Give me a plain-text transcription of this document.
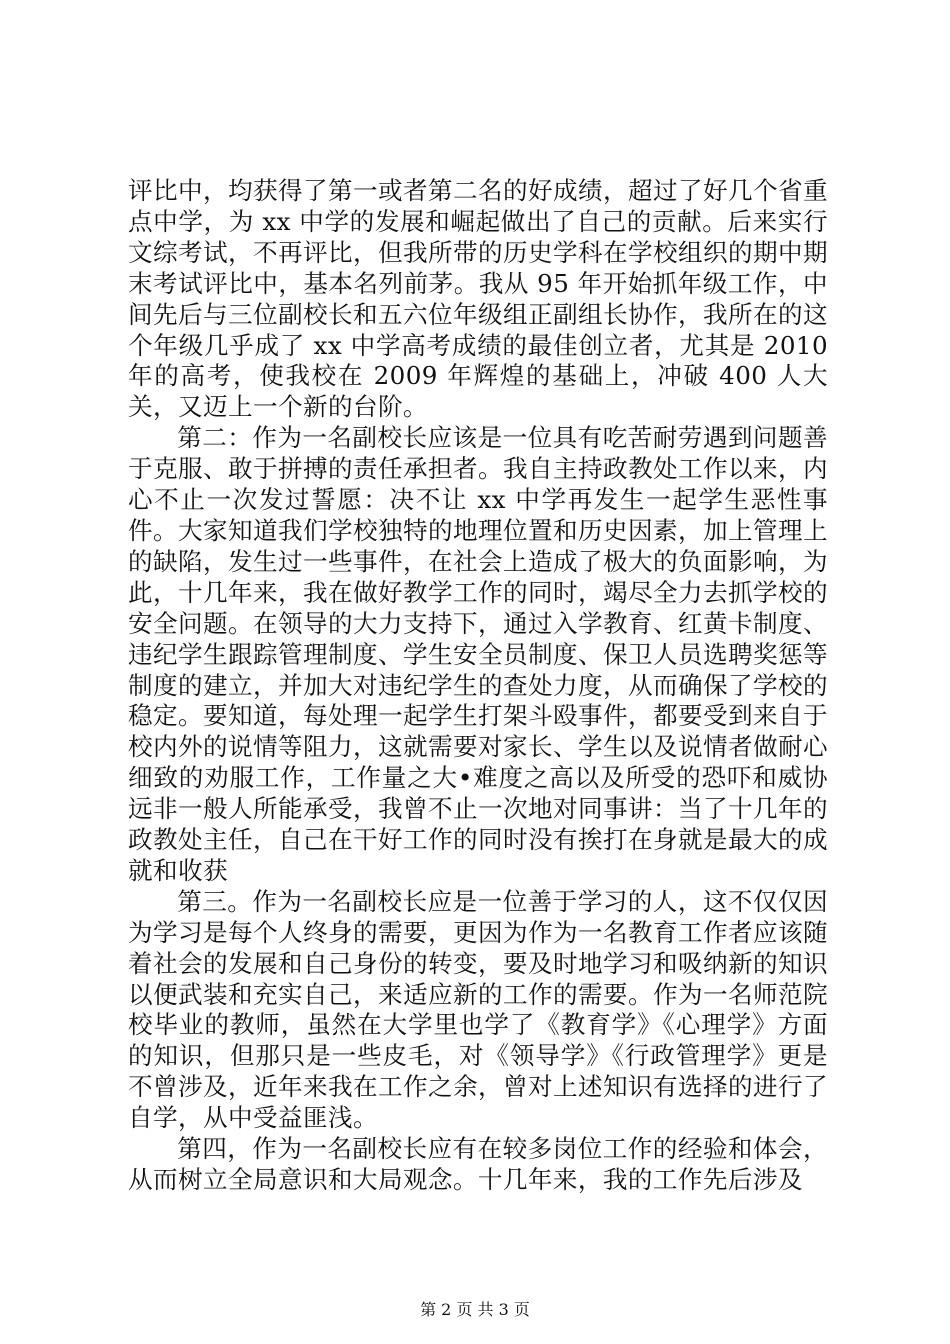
评比中，均获得了第一或者第二名的好成绩，超过了好几个省重点中学，为 xx 中学的发展和崛起做出了自己的贡献。后来实行文综考试，不再评比，但我所带的历史学科在学校组织的期中期末考试评比中，基本名列前茅。我从 95 年开始抓年级工作，中间先后与三位副校长和五六位年级组正副组长协作，我所在的这个年级几乎成了 xx 中学高考成绩的最佳创立者，尤其是 2010 年的高考，使我校在 2009 年辉煌的基础上，冲破 400 人大关，又迈上一个新的台阶。

第二：作为一名副校长应该是一位具有吃苦耐劳遇到问题善于克服、敢于拼搏的责任承担者。我自主持政教处工作以来，内心不止一次发过誓愿：决不让 xx 中学再发生一起学生恶性事件。大家知道我们学校独特的地理位置和历史因素，加上管理上的缺陷，发生过一些事件，在社会上造成了极大的负面影响，为此，十几年来，我在做好教学工作的同时，竭尽全力去抓学校的安全问题。在领导的大力支持下，通过入学教育、红黄卡制度、违纪学生跟踪管理制度、学生安全员制度、保卫人员选聘奖惩等制度的建立，并加大对违纪学生的查处力度，从而确保了学校的稳定。要知道，每处理一起学生打架斗殴事件，都要受到来自于校内外的说情等阻力，这就需要对家长、学生以及说情者做耐心细致的劝服工作，工作量之大•难度之高以及所受的恐吓和威协远非一般人所能承受，我曾不止一次地对同事讲：当了十几年的政教处主任，自己在干好工作的同时没有挨打在身就是最大的成就和收获

第三。作为一名副校长应是一位善于学习的人，这不仅仅因为学习是每个人终身的需要，更因为作为一名教育工作者应该随着社会的发展和自己身份的转变，要及时地学习和吸纳新的知识以便武装和充实自己，来适应新的工作的需要。作为一名师范院校毕业的教师，虽然在大学里也学了《教育学》《心理学》方面的知识，但那只是一些皮毛，对《领导学》《行政管理学》更是不曾涉及，近年来我在工作之余，曾对上述知识有选择的进行了自学，从中受益匪浅。

第四，作为一名副校长应有在较多岗位工作的经验和体会，从而树立全局意识和大局观念。十几年来，我的工作先后涉及

第 2 页 共 3 页
